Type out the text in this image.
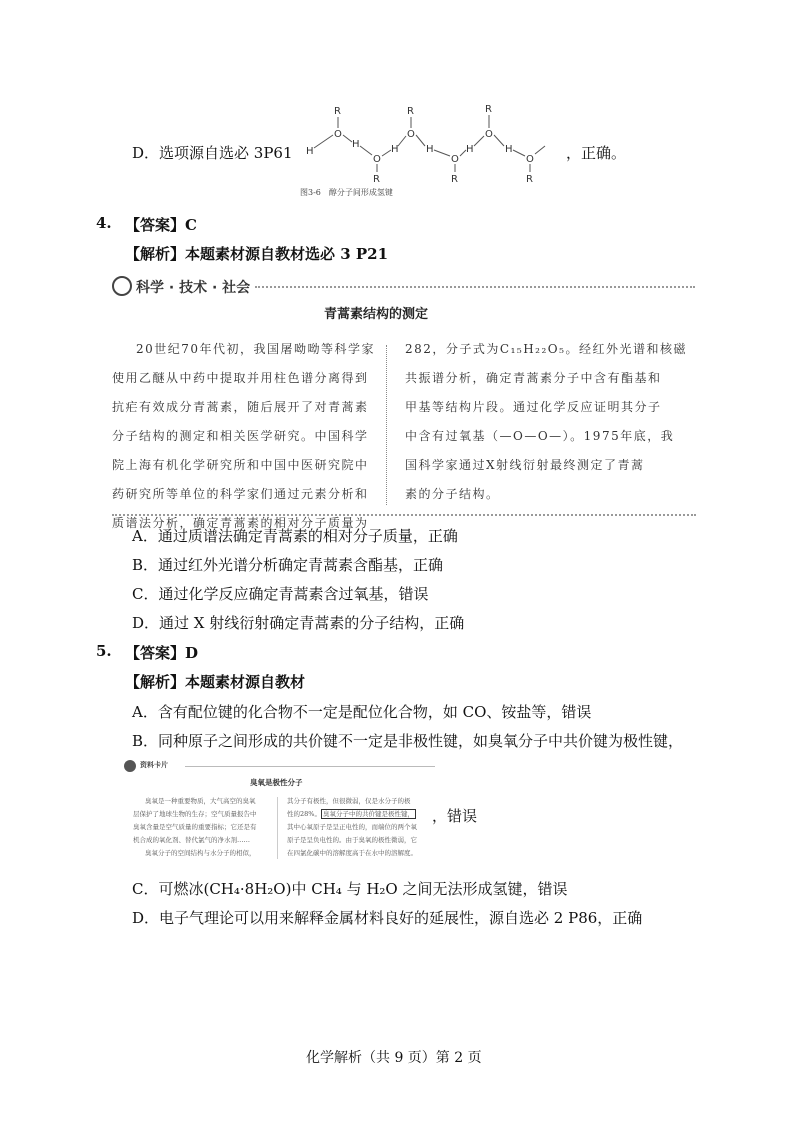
D．选项源自选必 3P61 H
O
R
H
O
R
H
O
R
H
O
R
H
O
R
H
O
R
图3-6　醇分子间形成氢键
，正确。
4. 【答案】C
【解析】本题素材源自教材选必 3 P21
科学 · 技术 · 社会
青蒿素结构的测定
20世纪70年代初，我国屠呦呦等科学家
使用乙醚从中药中提取并用柱色谱分离得到
抗疟有效成分青蒿素，随后展开了对青蒿素
分子结构的测定和相关医学研究。中国科学
院上海有机化学研究所和中国中医研究院中
药研究所等单位的科学家们通过元素分析和
质谱法分析，确定青蒿素的相对分子质量为
282，分子式为C₁₅H₂₂O₅。经红外光谱和核磁
共振谱分析，确定青蒿素分子中含有酯基和
甲基等结构片段。通过化学反应证明其分子
中含有过氧基（—O—O—）。1975年底，我
国科学家通过X射线衍射最终测定了青蒿
素的分子结构。
A．通过质谱法确定青蒿素的相对分子质量，正确
B．通过红外光谱分析确定青蒿素含酯基，正确
C．通过化学反应确定青蒿素含过氧基，错误
D．通过 X 射线衍射确定青蒿素的分子结构，正确
5. 【答案】D
【解析】本题素材源自教材
A．含有配位键的化合物不一定是配位化合物，如 CO、铵盐等，错误
B．同种原子之间形成的共价键不一定是非极性键，如臭氧分子中共价键为极性键，
资料卡片
臭氧是极性分子
臭氧是一种重要物质，大气高空的臭氧
层保护了地球生物的生存；空气质量报告中
臭氧含量是空气质量的重要指标；它还是有
机合成的氧化剂、替代氯气的净水剂……
臭氧分子的空间结构与水分子的相似，
其分子有极性，但很微弱，仅是水分子的极
性的28%。 臭氧分子中的共价键是极性键，
其中心氧原子是呈正电性的，而端位的两个氧
原子是呈负电性的。由于臭氧的极性微弱，它
在四氯化碳中的溶解度高于在水中的溶解度。
，错误
C．可燃冰(CH₄·8H₂O)中 CH₄ 与 H₂O 之间无法形成氢键，错误
D．电子气理论可以用来解释金属材料良好的延展性，源自选必 2 P86，正确
化学解析（共 9 页）第 2 页
